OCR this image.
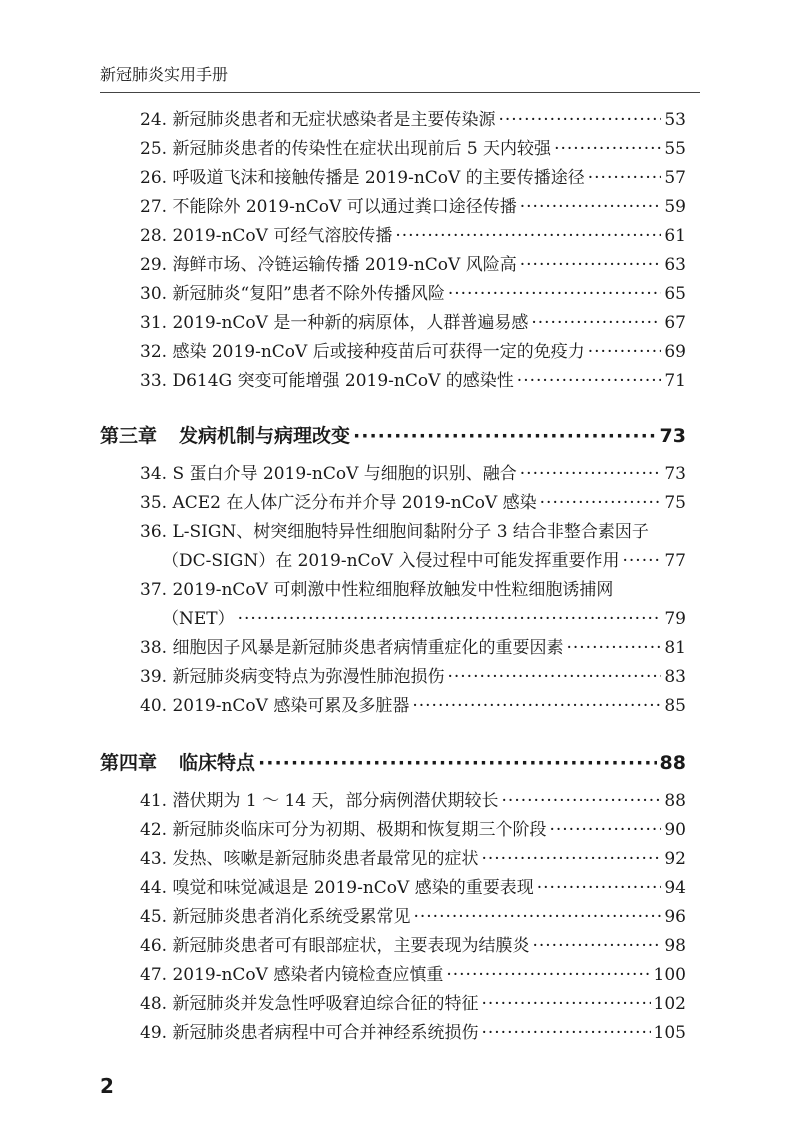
新冠肺炎实用手册
24. 新冠肺炎患者和无症状感染者是主要传染源 ·····	53
25. 新冠肺炎患者的传染性在症状出现前后 5 天内较强 ·····	55
26. 呼吸道飞沫和接触传播是 2019-nCoV 的主要传播途径 ·····	57
27. 不能除外 2019-nCoV 可以通过粪口途径传播 ·····	59
28. 2019-nCoV 可经气溶胶传播 ·····	61
29. 海鲜市场、冷链运输传播 2019-nCoV 风险高 ·····	63
30. 新冠肺炎“复阳”患者不除外传播风险 ·····	65
31. 2019-nCoV 是一种新的病原体，人群普遍易感 ·····	67
32. 感染 2019-nCoV 后或接种疫苗后可获得一定的免疫力 ·····	69
33. D614G 突变可能增强 2019-nCoV 的感染性 ·····	71
第三章 发病机制与病理改变 ·····	73
34. S 蛋白介导 2019-nCoV 与细胞的识别、融合 ·····	73
35. ACE2 在人体广泛分布并介导 2019-nCoV 感染 ·····	75
36. L-SIGN、树突细胞特异性细胞间黏附分子 3 结合非整合素因子
（DC-SIGN）在 2019-nCoV 入侵过程中可能发挥重要作用 ·····	77
37. 2019-nCoV 可刺激中性粒细胞释放触发中性粒细胞诱捕网
（NET） ·····	79
38. 细胞因子风暴是新冠肺炎患者病情重症化的重要因素 ·····	81
39. 新冠肺炎病变特点为弥漫性肺泡损伤 ·····	83
40. 2019-nCoV 感染可累及多脏器 ·····	85
第四章 临床特点 ·····	88
41. 潜伏期为 1 ～ 14 天，部分病例潜伏期较长 ·····	88
42. 新冠肺炎临床可分为初期、极期和恢复期三个阶段 ·····	90
43. 发热、咳嗽是新冠肺炎患者最常见的症状 ·····	92
44. 嗅觉和味觉减退是 2019-nCoV 感染的重要表现 ·····	94
45. 新冠肺炎患者消化系统受累常见 ·····	96
46. 新冠肺炎患者可有眼部症状，主要表现为结膜炎 ·····	98
47. 2019-nCoV 感染者内镜检查应慎重 ·····	100
48. 新冠肺炎并发急性呼吸窘迫综合征的特征 ·····	102
49. 新冠肺炎患者病程中可合并神经系统损伤 ·····	105
2
